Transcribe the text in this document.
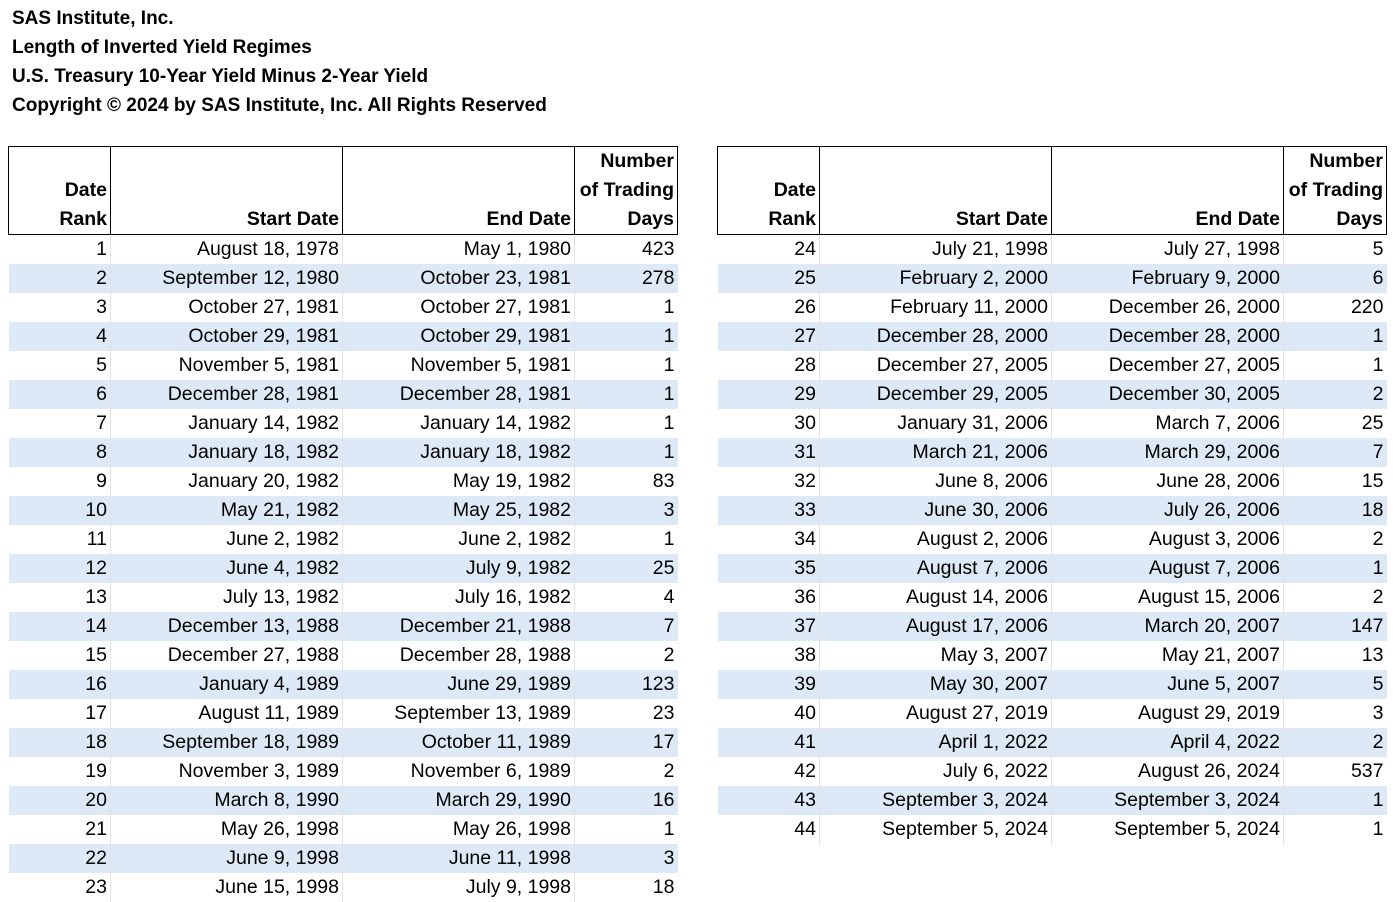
SAS Institute, Inc.
Length of Inverted Yield Regimes
U.S. Treasury 10-Year Yield Minus 2-Year Yield
Copyright © 2024 by SAS Institute, Inc. All Rights Reserved
Date Rank	Start Date	End Date	Number
of Trading
Days
1	August 18, 1978	May 1, 1980	423
2	September 12, 1980	October 23, 1981	278
3	October 27, 1981	October 27, 1981	1
4	October 29, 1981	October 29, 1981	1
5	November 5, 1981	November 5, 1981	1
6	December 28, 1981	December 28, 1981	1
7	January 14, 1982	January 14, 1982	1
8	January 18, 1982	January 18, 1982	1
9	January 20, 1982	May 19, 1982	83
10	May 21, 1982	May 25, 1982	3
11	June 2, 1982	June 2, 1982	1
12	June 4, 1982	July 9, 1982	25
13	July 13, 1982	July 16, 1982	4
14	December 13, 1988	December 21, 1988	7
15	December 27, 1988	December 28, 1988	2
16	January 4, 1989	June 29, 1989	123
17	August 11, 1989	September 13, 1989	23
18	September 18, 1989	October 11, 1989	17
19	November 3, 1989	November 6, 1989	2
20	March 8, 1990	March 29, 1990	16
21	May 26, 1998	May 26, 1998	1
22	June 9, 1998	June 11, 1998	3
23	June 15, 1998	July 9, 1998	18
Date Rank	Start Date	End Date	Number
of Trading
Days
24	July 21, 1998	July 27, 1998	5
25	February 2, 2000	February 9, 2000	6
26	February 11, 2000	December 26, 2000	220
27	December 28, 2000	December 28, 2000	1
28	December 27, 2005	December 27, 2005	1
29	December 29, 2005	December 30, 2005	2
30	January 31, 2006	March 7, 2006	25
31	March 21, 2006	March 29, 2006	7
32	June 8, 2006	June 28, 2006	15
33	June 30, 2006	July 26, 2006	18
34	August 2, 2006	August 3, 2006	2
35	August 7, 2006	August 7, 2006	1
36	August 14, 2006	August 15, 2006	2
37	August 17, 2006	March 20, 2007	147
38	May 3, 2007	May 21, 2007	13
39	May 30, 2007	June 5, 2007	5
40	August 27, 2019	August 29, 2019	3
41	April 1, 2022	April 4, 2022	2
42	July 6, 2022	August 26, 2024	537
43	September 3, 2024	September 3, 2024	1
44	September 5, 2024	September 5, 2024	1
